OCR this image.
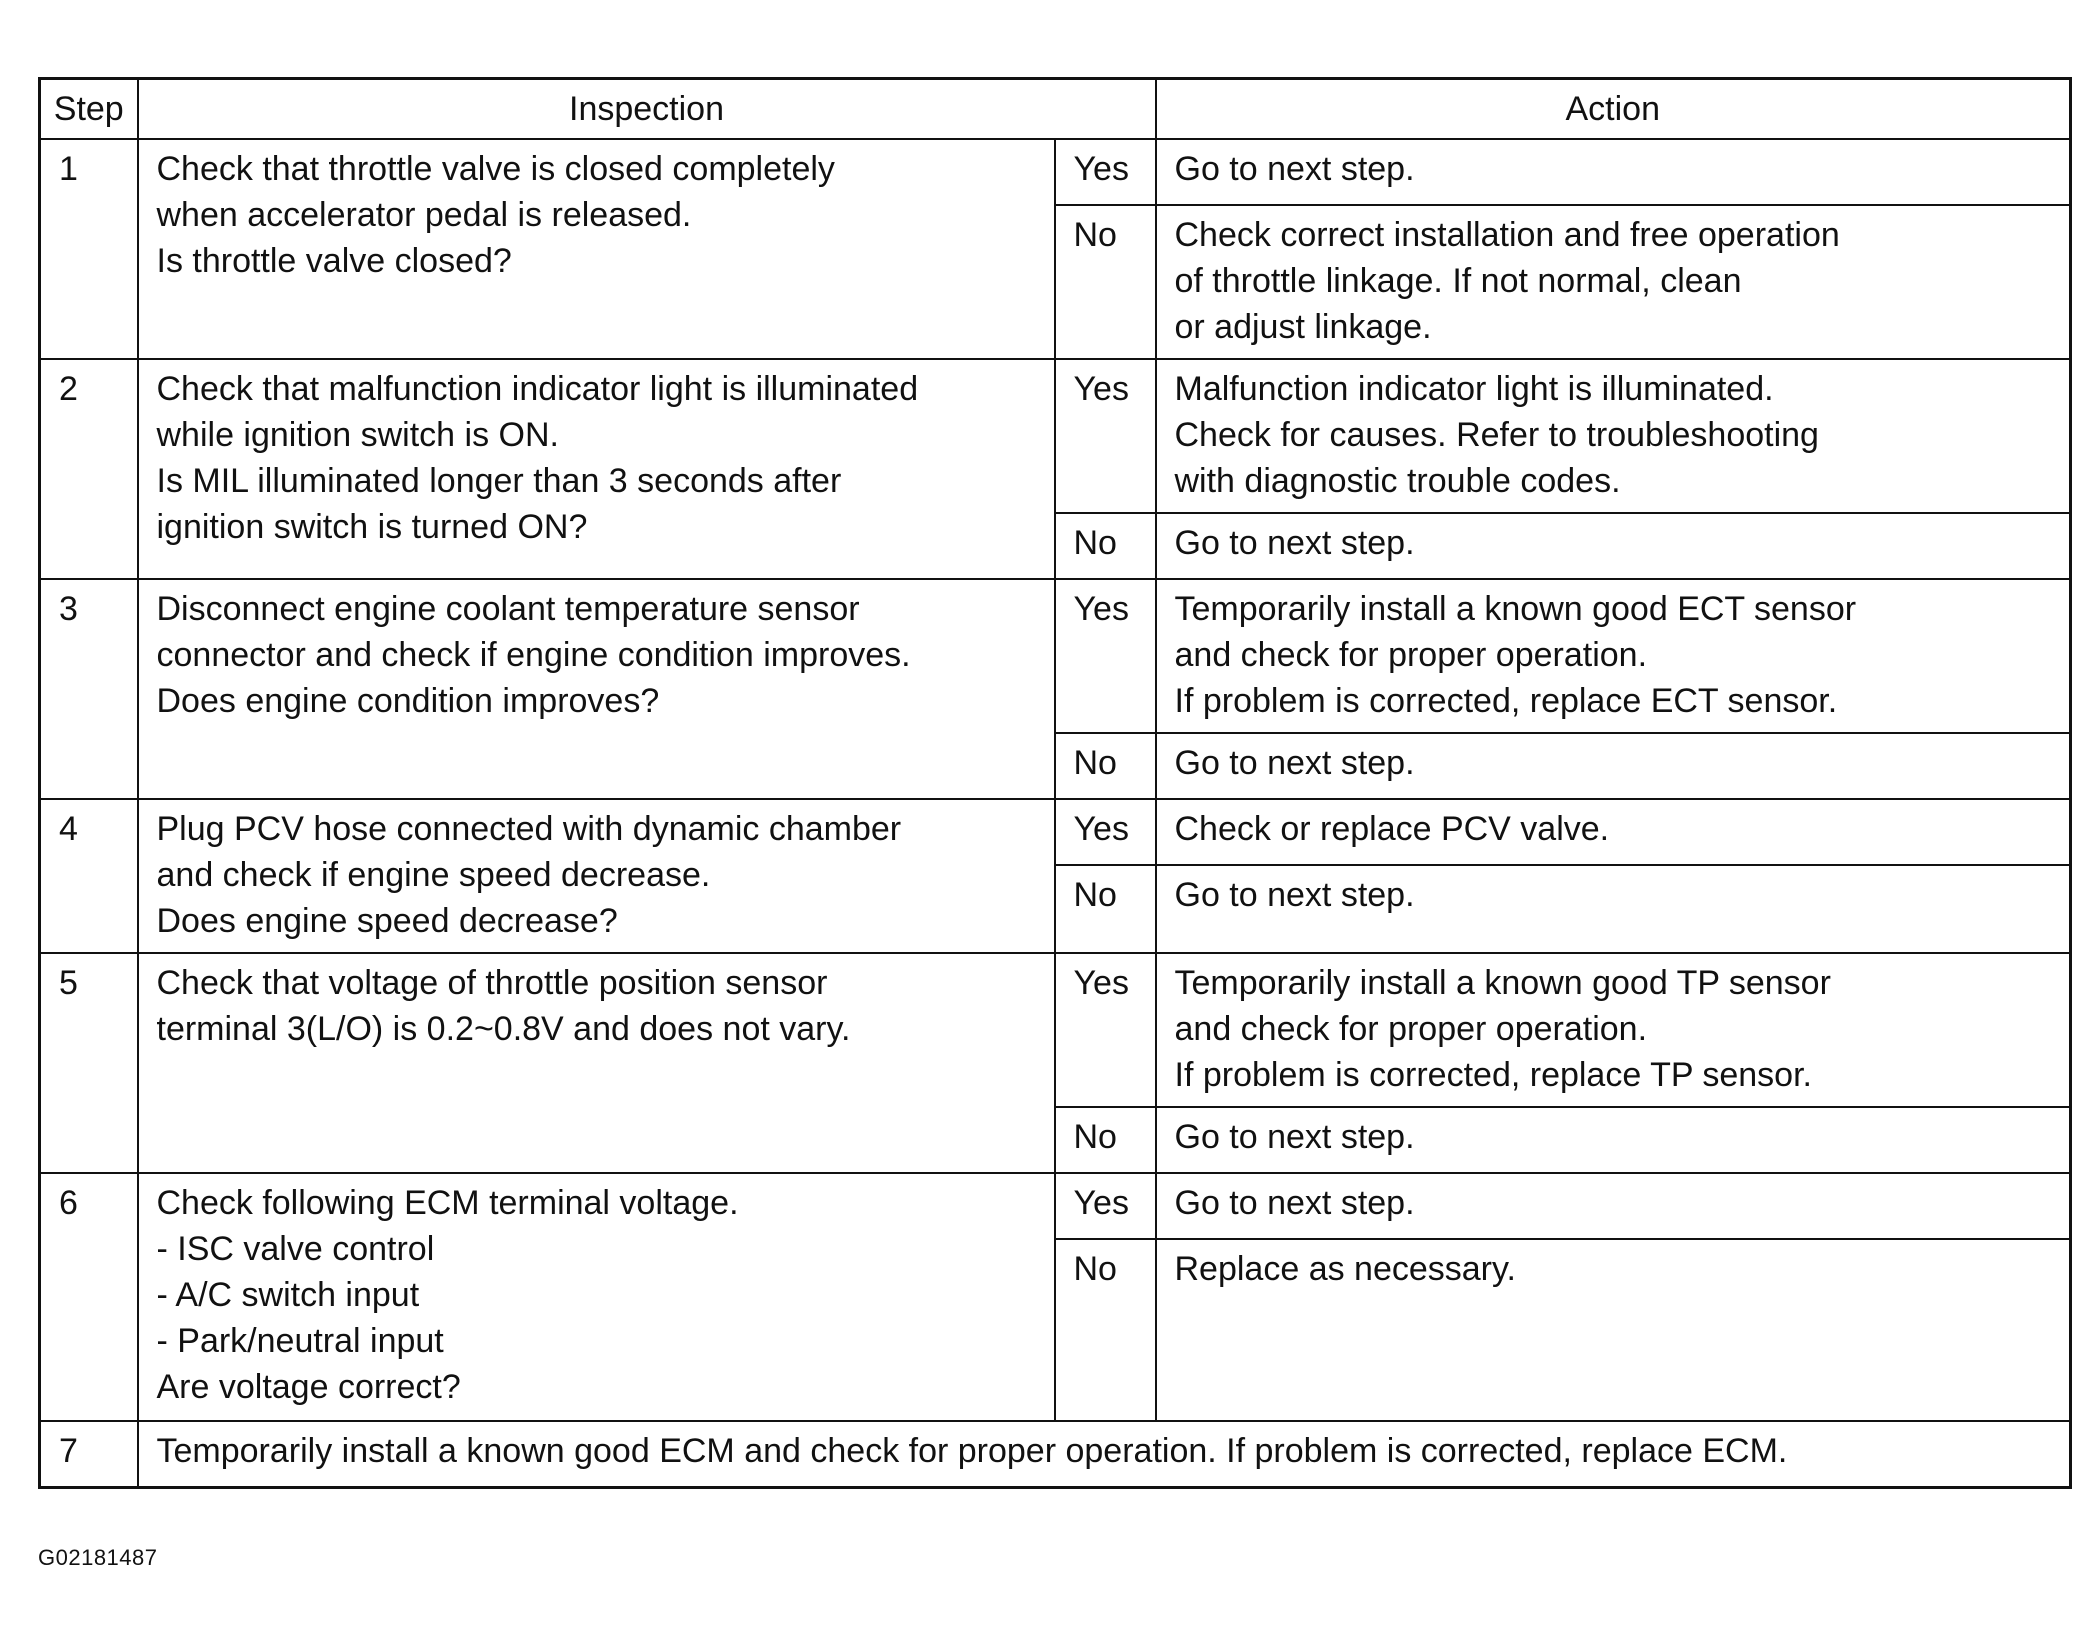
Step	Inspection		Action
1	Check that throttle valve is closed completely
when accelerator pedal is released.
Is throttle valve closed?	Yes	Go to next step.
		No	Check correct installation and free operation
of throttle linkage. If not normal, clean
or adjust linkage.
2	Check that malfunction indicator light is illuminated
while ignition switch is ON.
Is MIL illuminated longer than 3 seconds after
ignition switch is turned ON?	Yes	Malfunction indicator light is illuminated.
Check for causes. Refer to troubleshooting
with diagnostic trouble codes.
		No	Go to next step.
3	Disconnect engine coolant temperature sensor
connector and check if engine condition improves.
Does engine condition improves?	Yes	Temporarily install a known good ECT sensor
and check for proper operation.
If problem is corrected, replace ECT sensor.
		No	Go to next step.
4	Plug PCV hose connected with dynamic chamber
and check if engine speed decrease.
Does engine speed decrease?	Yes	Check or replace PCV valve.
		No	Go to next step.
5	Check that voltage of throttle position sensor
terminal 3(L/O) is 0.2~0.8V and does not vary.	Yes	Temporarily install a known good TP sensor
and check for proper operation.
If problem is corrected, replace TP sensor.
		No	Go to next step.
6	Check following ECM terminal voltage.
- ISC valve control
- A/C switch input
- Park/neutral input
Are voltage correct?	Yes	Go to next step.
		No	Replace as necessary.
7	Temporarily install a known good ECM and check for proper operation. If problem is corrected, replace ECM.		
G02181487
